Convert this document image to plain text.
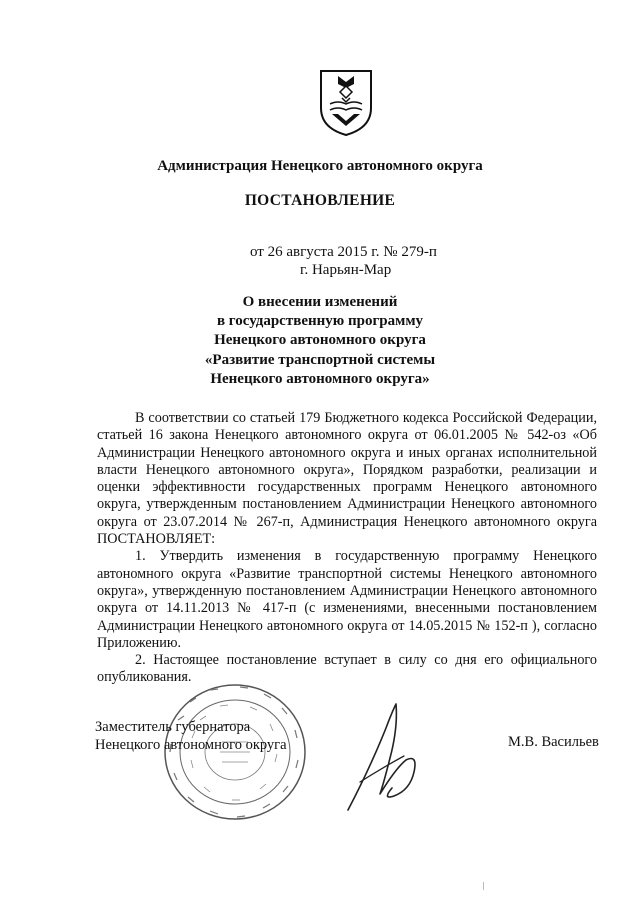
Администрация Ненецкого автономного округа
ПОСТАНОВЛЕНИЕ
от 26 августа 2015 г. № 279-п
г. Нарьян-Мар
О внесении изменений
в государственную программу
Ненецкого автономного округа
«Развитие транспортной системы
Ненецкого автономного округа»

В соответствии со статьей 179 Бюджетного кодекса Российской Федерации, статьей 16 закона Ненецкого автономного округа от 06.01.2005 № 542-оз «Об Администрации Ненецкого автономного округа и иных органах исполнительной власти Ненецкого автономного округа», Порядком разработки, реализации и оценки эффективности государственных программ Ненецкого автономного округа, утвержденным постановлением Администрации Ненецкого автономного округа от 23.07.2014 № 267-п, Администрация Ненецкого автономного округа ПОСТАНОВЛЯЕТ:

1. Утвердить изменения в государственную программу Ненецкого автономного округа «Развитие транспортной системы Ненецкого автономного округа», утвержденную постановлением Администрации Ненецкого автономного округа от 14.11.2013 № 417-п (с изменениями, внесенными постановлением Администрации Ненецкого автономного округа от 14.05.2015 № 152-п ), согласно Приложению.

2. Настоящее постановление вступает в силу со дня его официального опубликования.

Заместитель губернатора
Ненецкого автономного округа	М.В. Васильев
